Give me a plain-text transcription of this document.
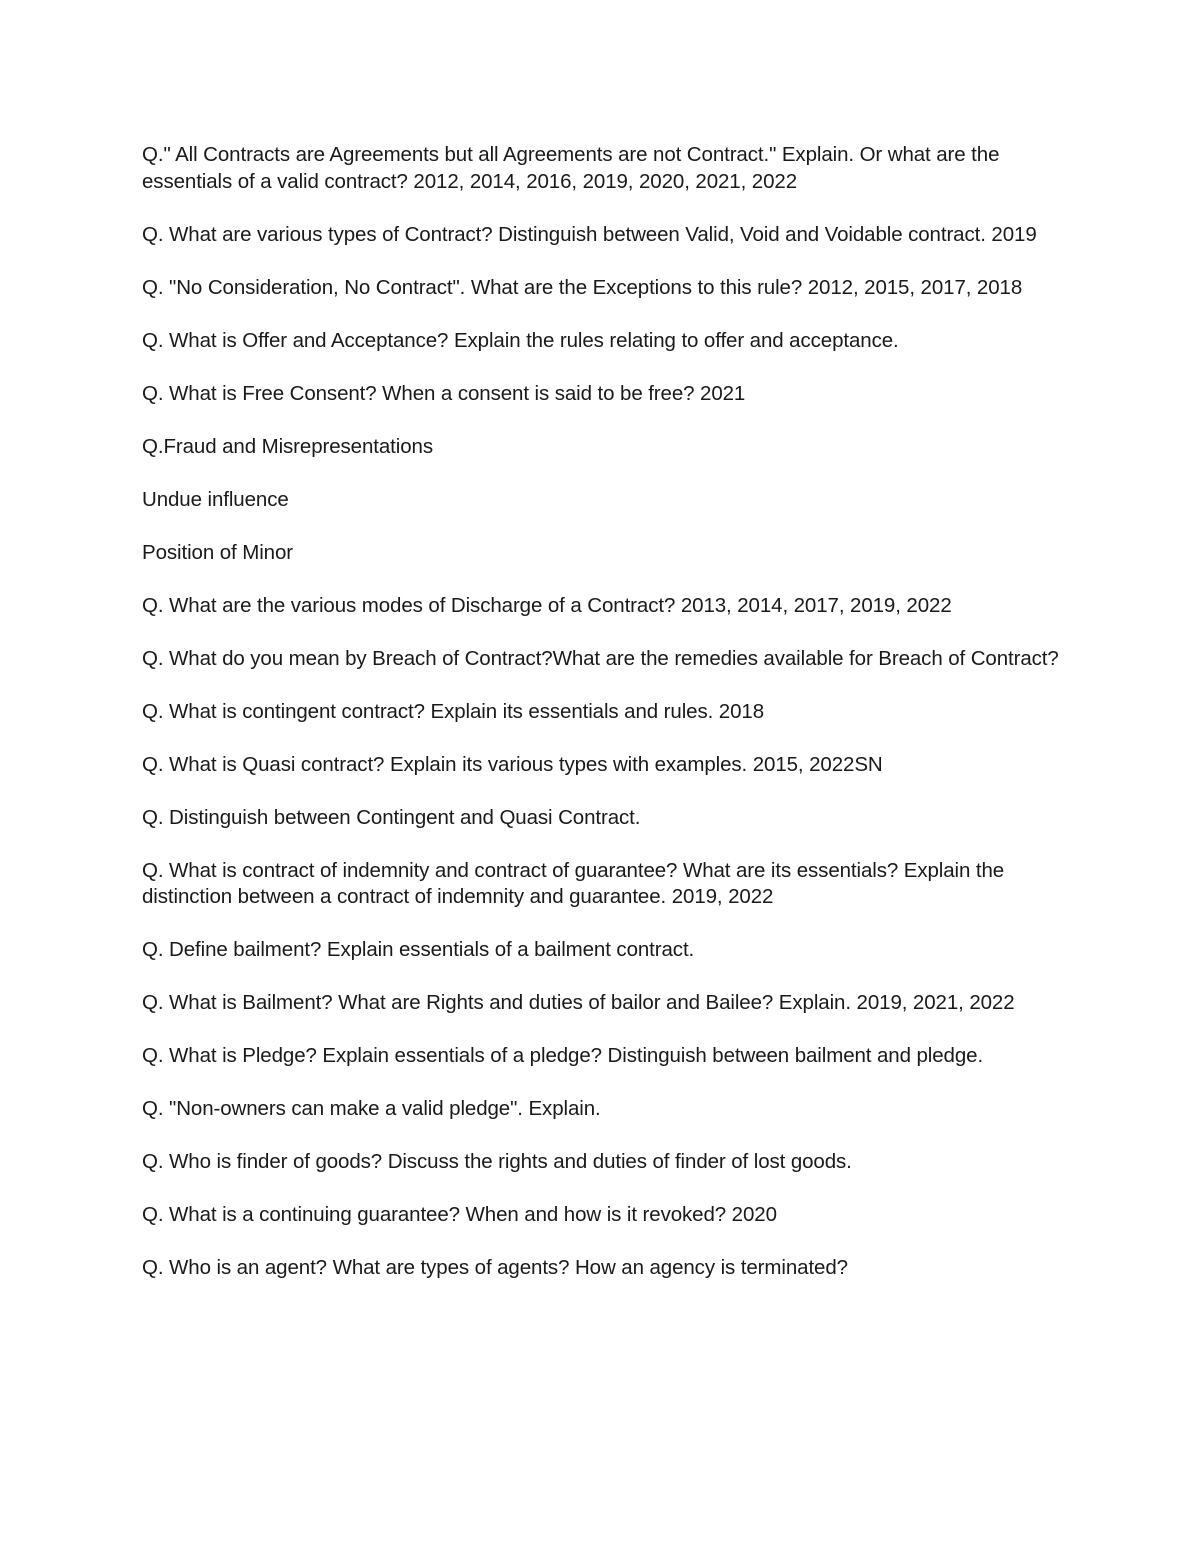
Q." All Contracts are Agreements but all Agreements are not Contract." Explain. Or what are the essentials of a valid contract? 2012, 2014, 2016, 2019, 2020, 2021, 2022

Q. What are various types of Contract? Distinguish between Valid, Void and Voidable contract. 2019

Q. "No Consideration, No Contract". What are the Exceptions to this rule? 2012, 2015, 2017, 2018

Q. What is Offer and Acceptance? Explain the rules relating to offer and acceptance.

Q. What is Free Consent? When a consent is said to be free? 2021

Q.Fraud and Misrepresentations

Undue influence

Position of Minor

Q. What are the various modes of Discharge of a Contract? 2013, 2014, 2017, 2019, 2022

Q. What do you mean by Breach of Contract?What are the remedies available for Breach of Contract?

Q. What is contingent contract? Explain its essentials and rules. 2018

Q. What is Quasi contract? Explain its various types with examples. 2015, 2022SN

Q. Distinguish between Contingent and Quasi Contract.

Q. What is contract of indemnity and contract of guarantee? What are its essentials? Explain the distinction between a contract of indemnity and guarantee. 2019, 2022

Q. Define bailment? Explain essentials of a bailment contract.

Q. What is Bailment? What are Rights and duties of bailor and Bailee? Explain. 2019, 2021, 2022

Q. What is Pledge? Explain essentials of a pledge? Distinguish between bailment and pledge.

Q. "Non-owners can make a valid pledge". Explain.

Q. Who is finder of goods? Discuss the rights and duties of finder of lost goods.

Q. What is a continuing guarantee? When and how is it revoked? 2020

Q. Who is an agent? What are types of agents? How an agency is terminated?
